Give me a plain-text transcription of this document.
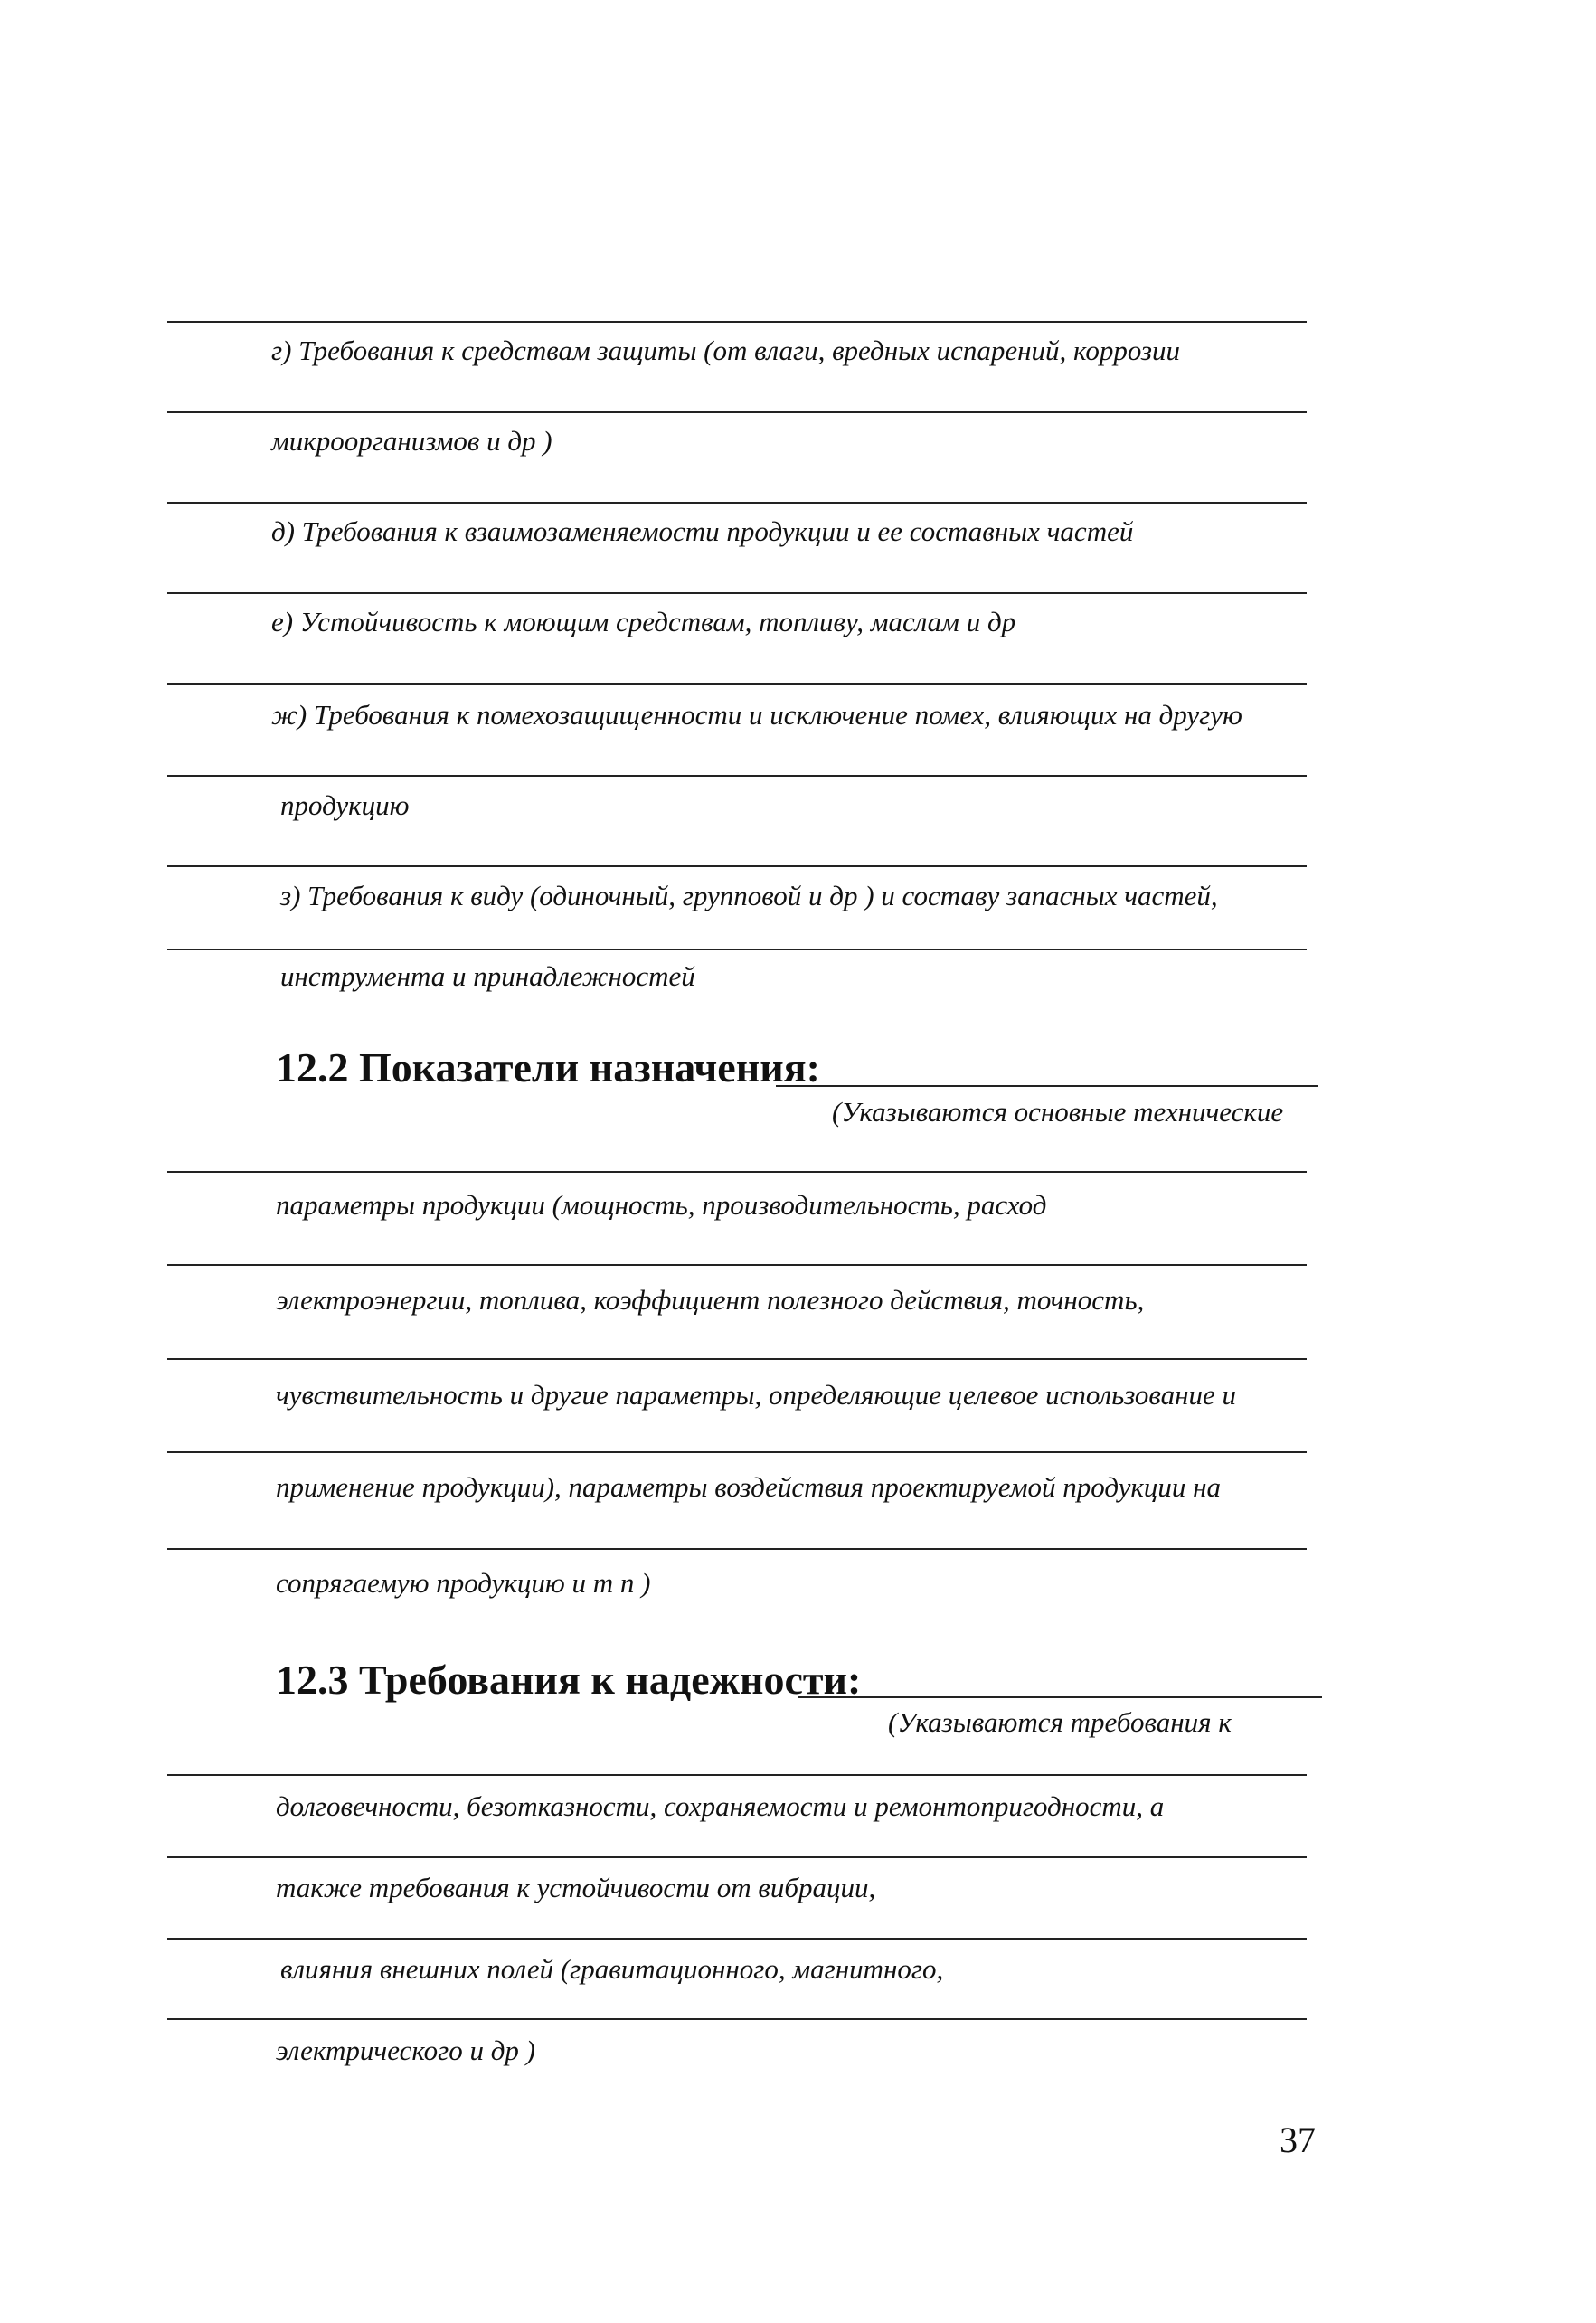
г) Требования к средствам защиты (от влаги, вредных испарений, коррозии
микроорганизмов и др )
д) Требования к взаимозаменяемости продукции и ее составных частей
е) Устойчивость к моющим средствам, топливу, маслам и др
ж) Требования к помехозащищенности и исключение помех, влияющих на другую
продукцию
з) Требования к виду (одиночный, групповой и др ) и составу запасных частей,
инструмента и принадлежностей
12.2 Показатели назначения:
(Указываются основные технические
параметры продукции (мощность, производительность, расход
электроэнергии, топлива, коэффициент полезного действия, точность,
чувствительность и другие параметры, определяющие целевое использование и
применение продукции), параметры воздействия проектируемой продукции на
сопрягаемую продукцию и т п )
12.3 Требования к надежности:
(Указываются требования к
долговечности, безотказности, сохраняемости и ремонтопригодности, а
также требования к устойчивости от вибрации,
влияния внешних полей (гравитационного, магнитного,
электрического и др )
37
